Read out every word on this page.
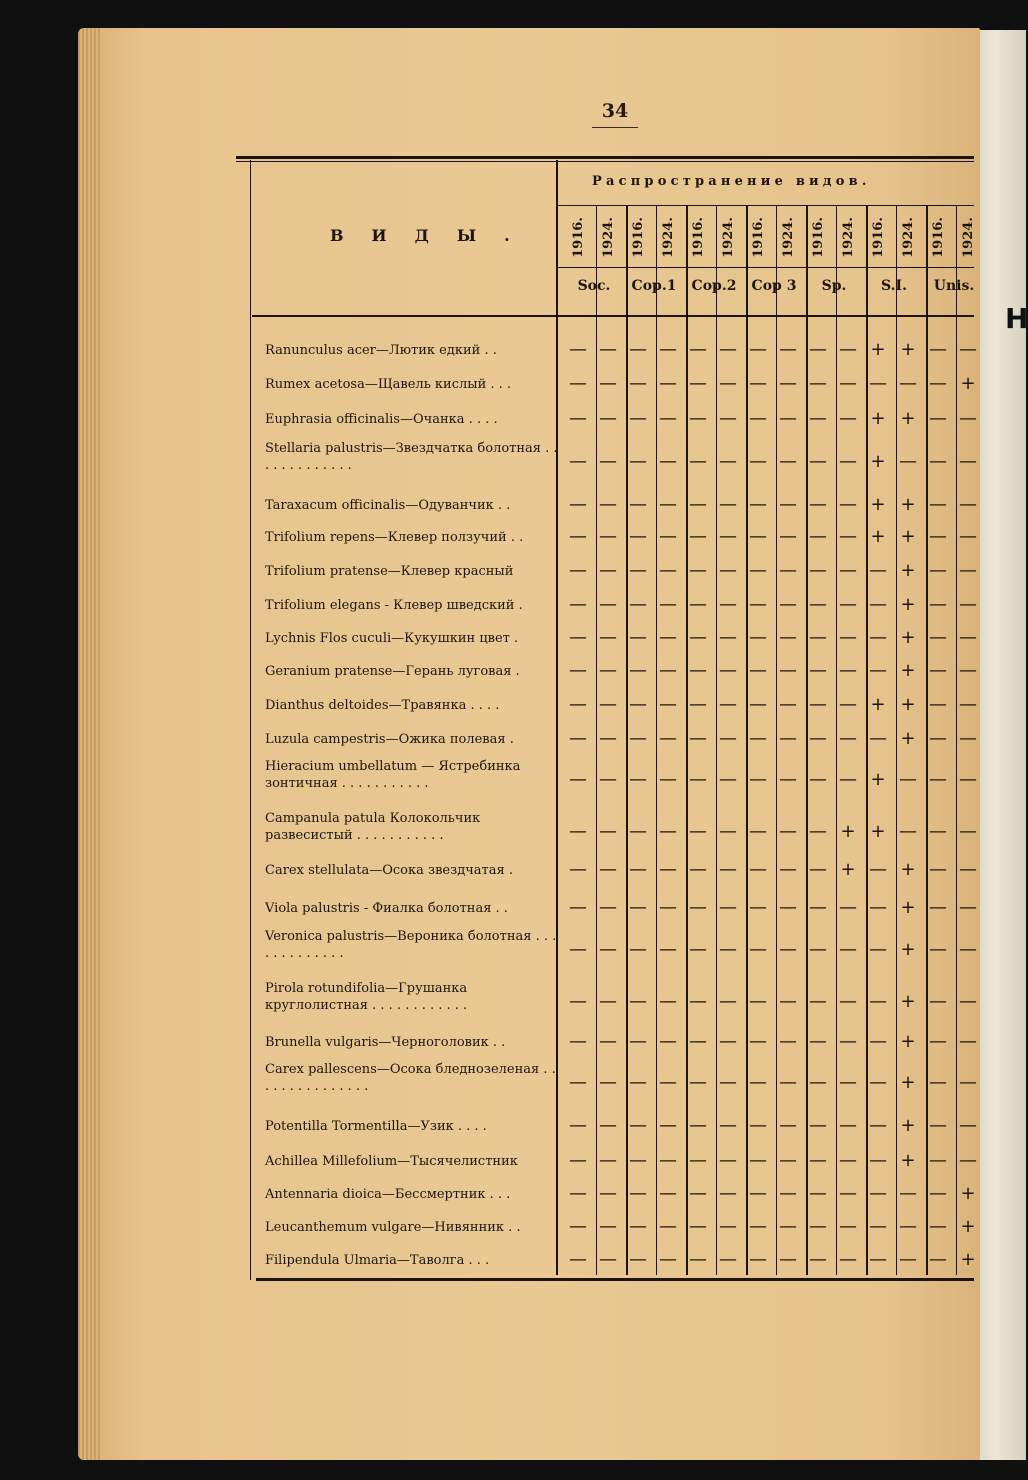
Н
34
Распространение видов.
ВИДЫ.	1916. 1924. 1916. 1924. 1916. 1924. 1916. 1924. 1916. 1924. 1916. 1924. 1916. 1924.
Soc.	Cop.1	Cop.2	Cop 3	Sp.	S.I.	Unis.
Ranunculus acer—Лютик едкий . .	— — — — — — — — — — + + — —
Rumex acetosa—Щавель кислый . . .	— — — — — — — — — — — — — +
Euphrasia officinalis—Очанка . . . .	— — — — — — — — — — + + — —
Stellaria palustris—Звездчатка болотная . . . . . . . . . . . . .	— — — — — — — — — — + — — —
Taraxacum officinalis—Одуванчик . .	— — — — — — — — — — + + — —
Trifolium repens—Клевер ползучий . .	— — — — — — — — — — + + — —
Trifolium pratense—Клевер красный	— — — — — — — — — — — + — —
Trifolium elegans - Клевер шведский .	— — — — — — — — — — — + — —
Lychnis Flos cuculi—Кукушкин цвет .	— — — — — — — — — — — + — —
Geranium pratense—Герань луговая .	— — — — — — — — — — — + — —
Dianthus deltoides—Травянка . . . .	— — — — — — — — — — + + — —
Luzula campestris—Ожика полевая .	— — — — — — — — — — — + — —
Hieracium umbellatum — Ястребинка зонтичная . . . . . . . . . . .	— — — — — — — — — — + — — —
Campanula patula Колокольчик развесистый . . . . . . . . . . .	— — — — — — — — — + + — — —
Carex stellulata—Осока звездчатая .	— — — — — — — — — + — + — —
Viola palustris - Фиалка болотная . .	— — — — — — — — — — — + — —
Veronica palustris—Вероника болотная . . . . . . . . . . . . .	— — — — — — — — — — — + — —
Pirola rotundifolia—Грушанка круглолистная . . . . . . . . . . . .	— — — — — — — — — — — + — —
Brunella vulgaris—Черноголовик . .	— — — — — — — — — — — + — —
Carex pallescens—Осока бледнозеленая . . . . . . . . . . . . . . .	— — — — — — — — — — — + — —
Potentilla Tormentilla—Узик . . . .	— — — — — — — — — — — + — —
Achillea Millefolium—Тысячелистник	— — — — — — — — — — — + — —
Antennaria dioica—Бессмертник . . .	— — — — — — — — — — — — — +
Leucanthemum vulgare—Нивянник . .	— — — — — — — — — — — — — +
Filipendula Ulmaria—Таволга . . .	— — — — — — — — — — — — — +
